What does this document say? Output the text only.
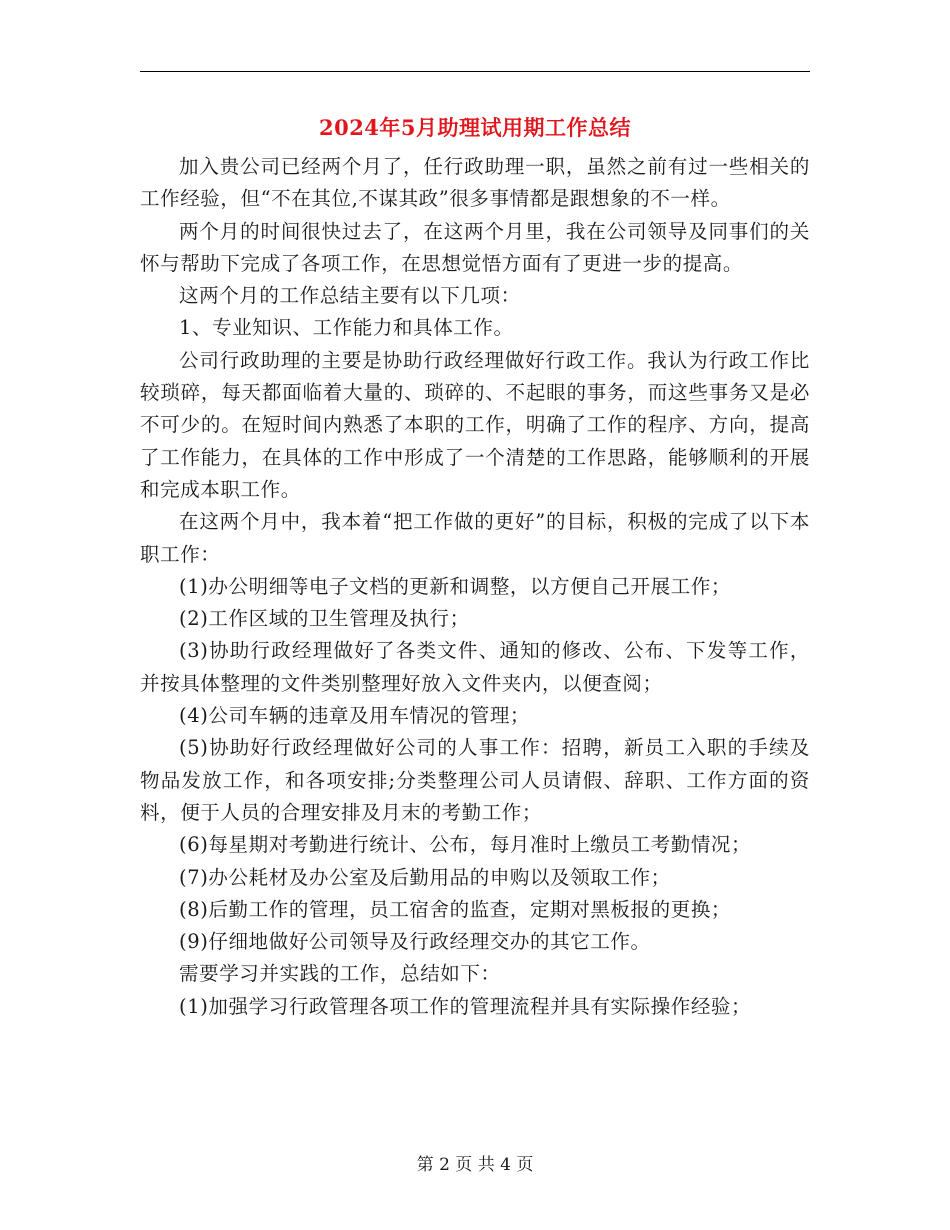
2024年5月助理试用期工作总结

加入贵公司已经两个月了，任行政助理一职，虽然之前有过一些相关的工作经验，但“不在其位,不谋其政”很多事情都是跟想象的不一样。

两个月的时间很快过去了，在这两个月里，我在公司领导及同事们的关怀与帮助下完成了各项工作，在思想觉悟方面有了更进一步的提高。

这两个月的工作总结主要有以下几项：

1、专业知识、工作能力和具体工作。

公司行政助理的主要是协助行政经理做好行政工作。我认为行政工作比较琐碎，每天都面临着大量的、琐碎的、不起眼的事务，而这些事务又是必不可少的。在短时间内熟悉了本职的工作，明确了工作的程序、方向，提高了工作能力，在具体的工作中形成了一个清楚的工作思路，能够顺利的开展和完成本职工作。

在这两个月中，我本着“把工作做的更好”的目标，积极的完成了以下本职工作：

(1)办公明细等电子文档的更新和调整，以方便自己开展工作；

(2)工作区域的卫生管理及执行；

(3)协助行政经理做好了各类文件、通知的修改、公布、下发等工作，并按具体整理的文件类别整理好放入文件夹内，以便查阅；

(4)公司车辆的违章及用车情况的管理；

(5)协助好行政经理做好公司的人事工作：招聘，新员工入职的手续及物品发放工作，和各项安排;分类整理公司人员请假、辞职、工作方面的资料，便于人员的合理安排及月末的考勤工作；

(6)每星期对考勤进行统计、公布，每月准时上缴员工考勤情况；

(7)办公耗材及办公室及后勤用品的申购以及领取工作；

(8)后勤工作的管理，员工宿舍的监查，定期对黑板报的更换；

(9)仔细地做好公司领导及行政经理交办的其它工作。

需要学习并实践的工作，总结如下：

(1)加强学习行政管理各项工作的管理流程并具有实际操作经验；

第 2 页 共 4 页
